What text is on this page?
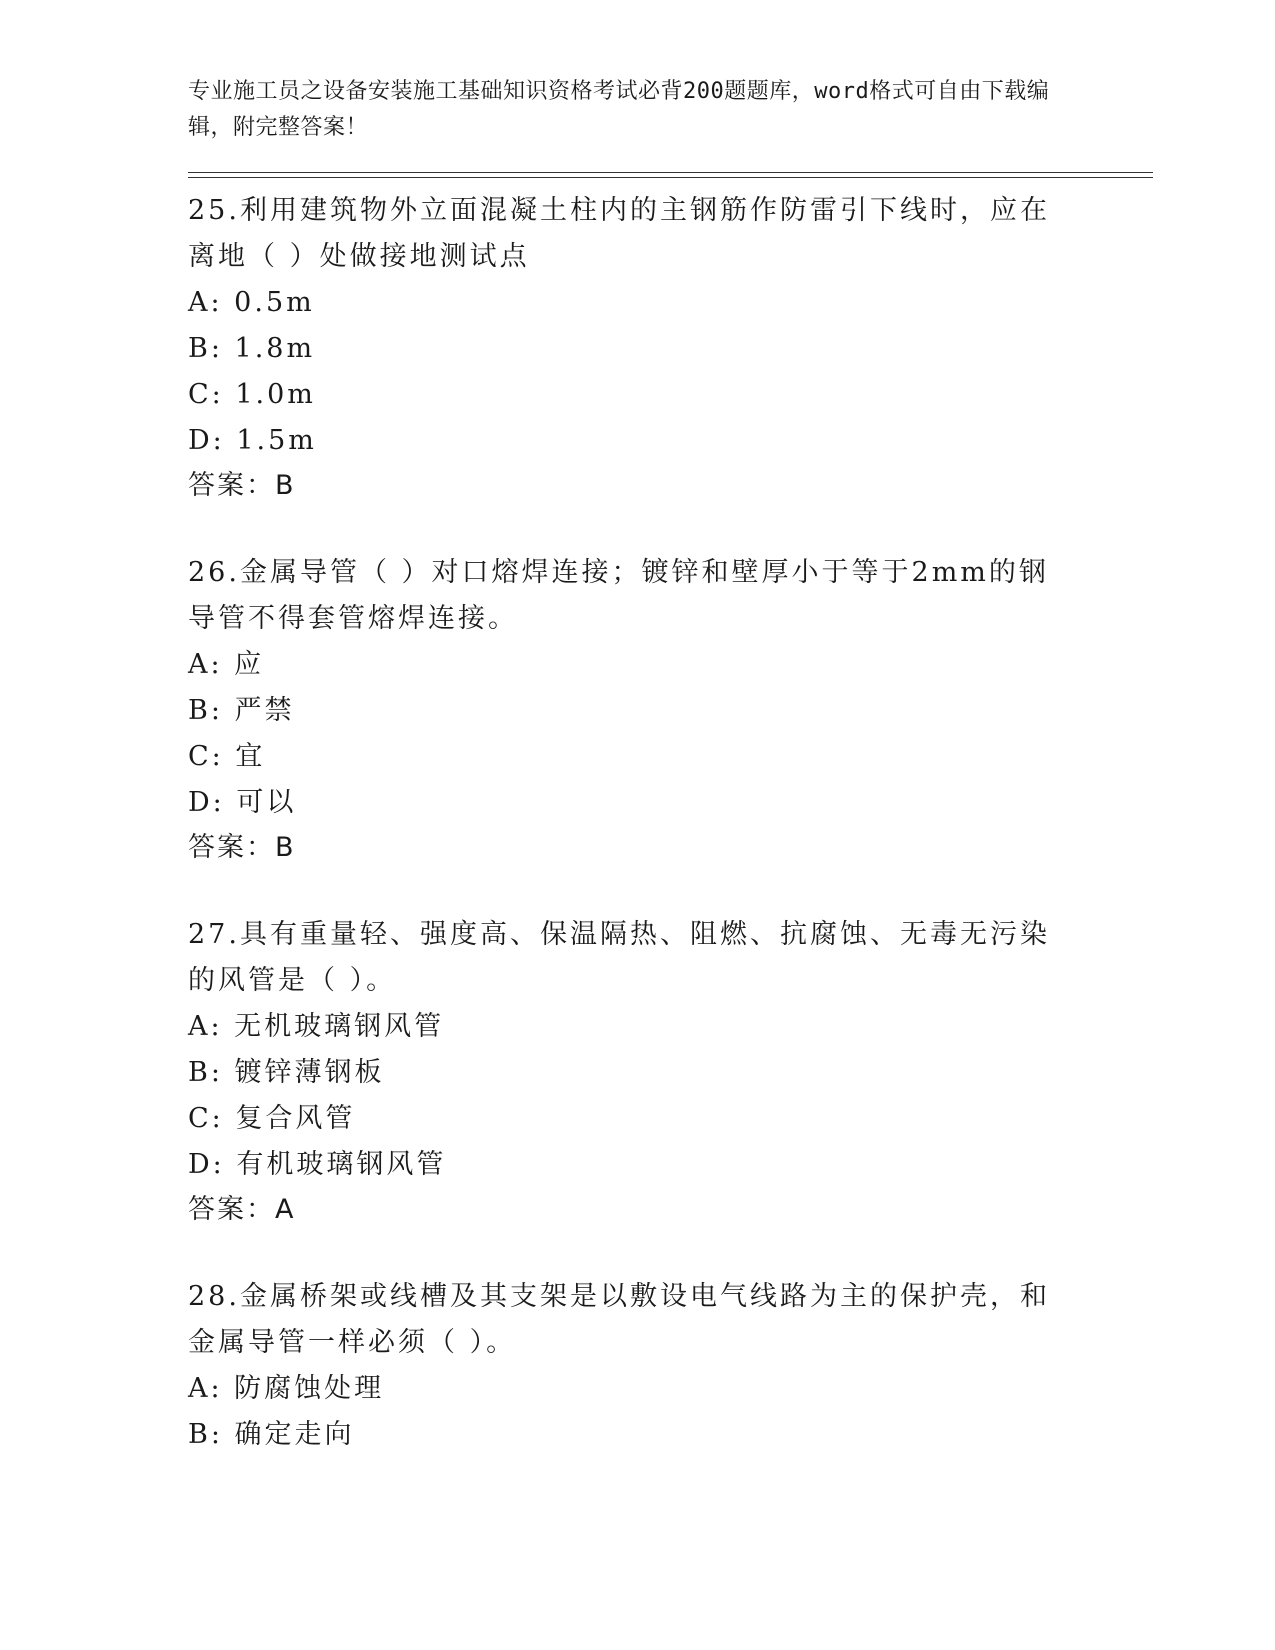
专业施工员之设备安装施工基础知识资格考试必背200题题库，word格式可自由下载编辑，附完整答案！
25.利用建筑物外立面混凝土柱内的主钢筋作防雷引下线时，应在离地（ ）处做接地测试点
A: 0.5m
B: 1.8m
C: 1.0m
D: 1.5m
答案：B
26.金属导管（ ）对口熔焊连接；镀锌和壁厚小于等于2mm的钢导管不得套管熔焊连接。
A: 应
B: 严禁
C: 宜
D: 可以
答案：B
27.具有重量轻、强度高、保温隔热、阻燃、抗腐蚀、无毒无污染的风管是（ ）。
A: 无机玻璃钢风管
B: 镀锌薄钢板
C: 复合风管
D: 有机玻璃钢风管
答案：A
28.金属桥架或线槽及其支架是以敷设电气线路为主的保护壳，和金属导管一样必须（ ）。
A: 防腐蚀处理
B: 确定走向
